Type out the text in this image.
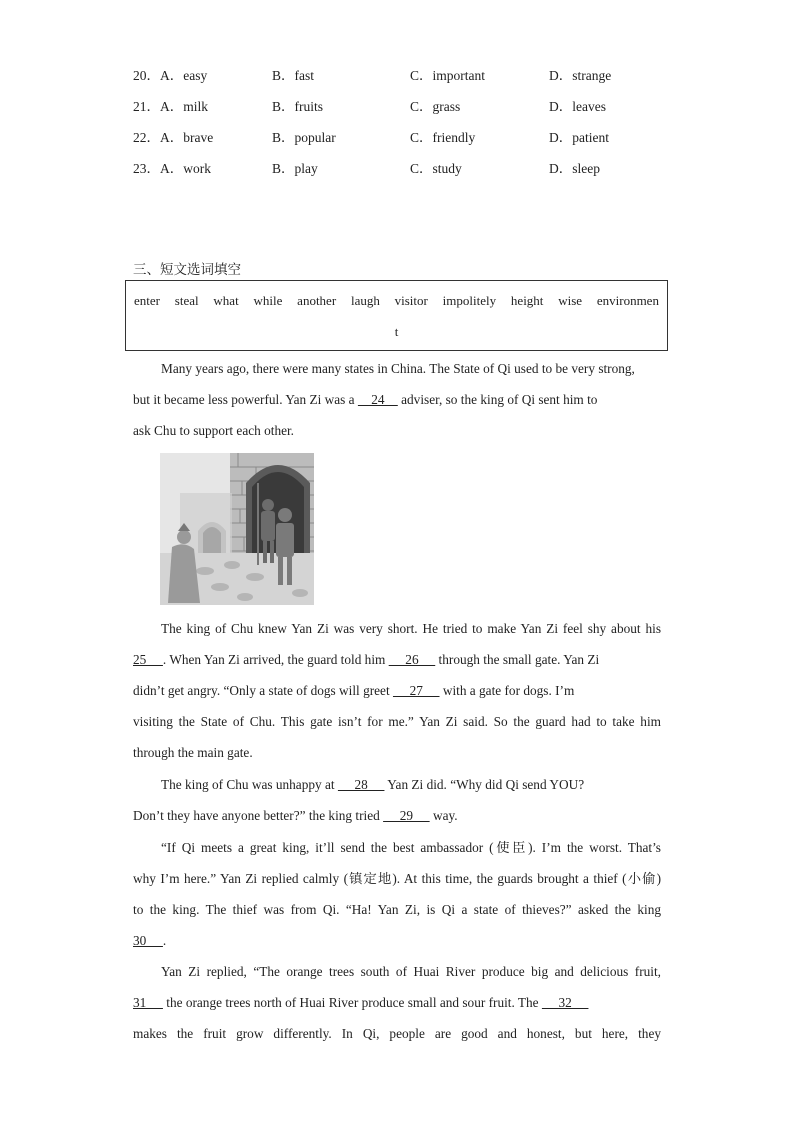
20． A．easy	B．fast	C．important	D．strange
21． A．milk	B．fruits	C．grass	D．leaves
22． A．brave	B．popular	C．friendly	D．patient
23． A．work	B．play	C．study	D．sleep
三、短文选词填空
enter steal what while another laugh visitor impolitely height wise environmen
t
Many years ago, there were many states in China. The State of Qi used to be very strong,
but it became less powerful. Yan Zi was a     24     adviser, so the king of Qi sent him to
ask Chu to support each other.
The king of Chu knew Yan Zi was very short. He tried to make Yan Zi feel shy about his
25     . When Yan Zi arrived, the guard told him      26      through the small gate. Yan Zi
didn’t get angry. “Only a state of dogs will greet      27      with a gate for dogs. I’m
visiting the State of Chu. This gate isn’t for me.” Yan Zi said. So the guard had to take him
through the main gate.
The king of Chu was unhappy at      28      Yan Zi did. “Why did Qi send YOU?
Don’t they have anyone better?” the king tried      29      way.
“If Qi meets a great king, it’ll send the best ambassador (使臣). I’m the worst. That’s
why I’m here.” Yan Zi replied calmly (镇定地). At this time, the guards brought a thief (小偷)
to the king. The thief was from Qi. “Ha! Yan Zi, is Qi a state of thieves?” asked the king
30     .
Yan Zi replied, “The orange trees south of Huai River produce big and delicious fruit,
31      the orange trees north of Huai River produce small and sour fruit. The      32
makes the fruit grow differently. In Qi, people are good and honest, but here, they
